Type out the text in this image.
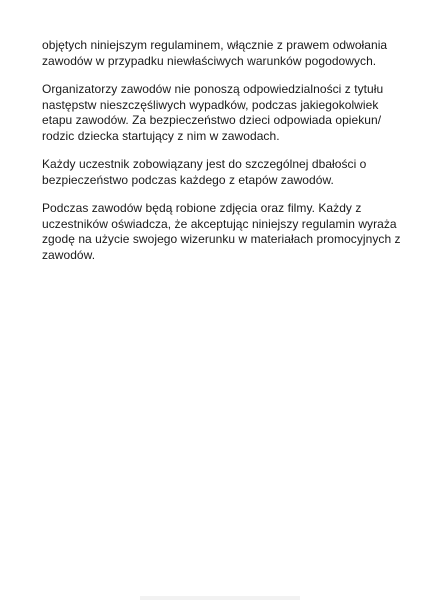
objętych niniejszym regulaminem, włącznie z prawem odwołania
zawodów w przypadku niewłaściwych warunków pogodowych.

Organizatorzy zawodów nie ponoszą odpowiedzialności z tytułu
następstw nieszczęśliwych wypadków, podczas jakiegokolwiek
etapu zawodów. Za bezpieczeństwo dzieci odpowiada opiekun/
rodzic dziecka startujący z nim w zawodach.

Każdy uczestnik zobowiązany jest do szczególnej dbałości o
bezpieczeństwo podczas każdego z etapów zawodów.

Podczas zawodów będą robione zdjęcia oraz filmy. Każdy z
uczestników oświadcza, że akceptując niniejszy regulamin wyraża
zgodę na użycie swojego wizerunku w materiałach promocyjnych z
zawodów.
